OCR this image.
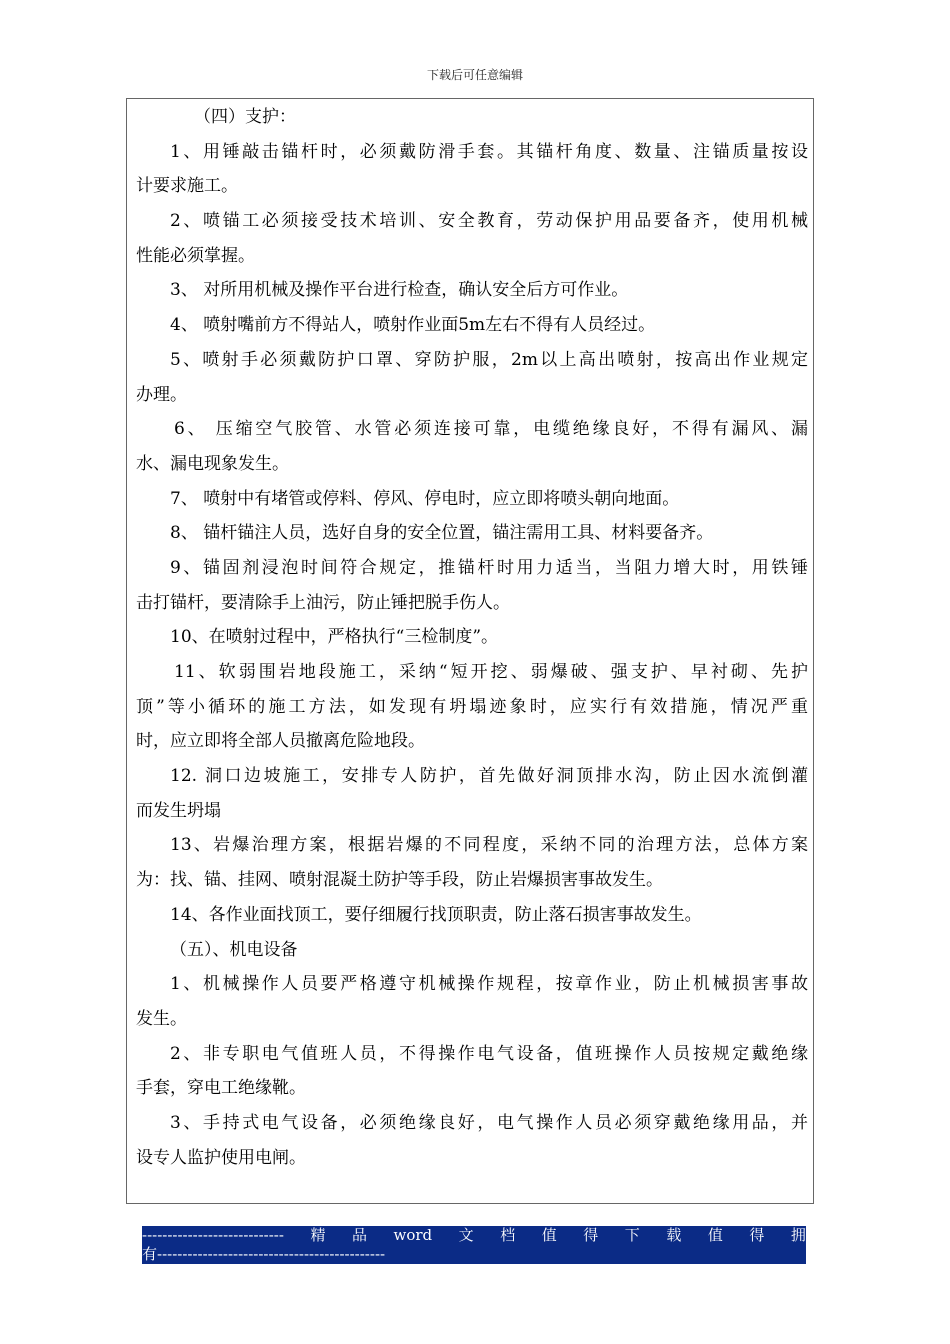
下载后可任意编辑
（四）支护：
1、用锤敲击锚杆时，必须戴防滑手套。其锚杆角度、数量、注锚质量按设
计要求施工。
2、喷锚工必须接受技术培训、安全教育，劳动保护用品要备齐，使用机械
性能必须掌握。
3、 对所用机械及操作平台进行检查，确认安全后方可作业。
4、 喷射嘴前方不得站人，喷射作业面5m左右不得有人员经过。
5、喷射手必须戴防护口罩、穿防护服，2m以上高出喷射，按高出作业规定
办理。
6、 压缩空气胶管、水管必须连接可靠，电缆绝缘良好，不得有漏风、漏
水、漏电现象发生。
7、 喷射中有堵管或停料、停风、停电时，应立即将喷头朝向地面。
8、 锚杆锚注人员，选好自身的安全位置，锚注需用工具、材料要备齐。
9、锚固剂浸泡时间符合规定，推锚杆时用力适当，当阻力增大时，用铁锤
击打锚杆，要清除手上油污，防止锤把脱手伤人。
10、在喷射过程中，严格执行“三检制度”。
11、软弱围岩地段施工，采纳“短开挖、弱爆破、强支护、早衬砌、先护
顶”等小循环的施工方法，如发现有坍塌迹象时，应实行有效措施，情况严重
时，应立即将全部人员撤离危险地段。
12. 洞口边坡施工，安排专人防护，首先做好洞顶排水沟，防止因水流倒灌
而发生坍塌
13、岩爆治理方案，根据岩爆的不同程度，采纳不同的治理方法，总体方案
为：找、锚、挂网、喷射混凝土防护等手段，防止岩爆损害事故发生。
14、各作业面找顶工，要仔细履行找顶职责，防止落石损害事故发生。
（五）、机电设备
1、机械操作人员要严格遵守机械操作规程，按章作业，防止机械损害事故
发生。
2、非专职电气值班人员，不得操作电气设备，值班操作人员按规定戴绝缘
手套，穿电工绝缘靴。
3、手持式电气设备，必须绝缘良好，电气操作人员必须穿戴绝缘用品，并
设专人监护使用电闸。
---------------------------- 精 品 word 文 档 值 得 下 载 值 得 拥
有---------------------------------------------
